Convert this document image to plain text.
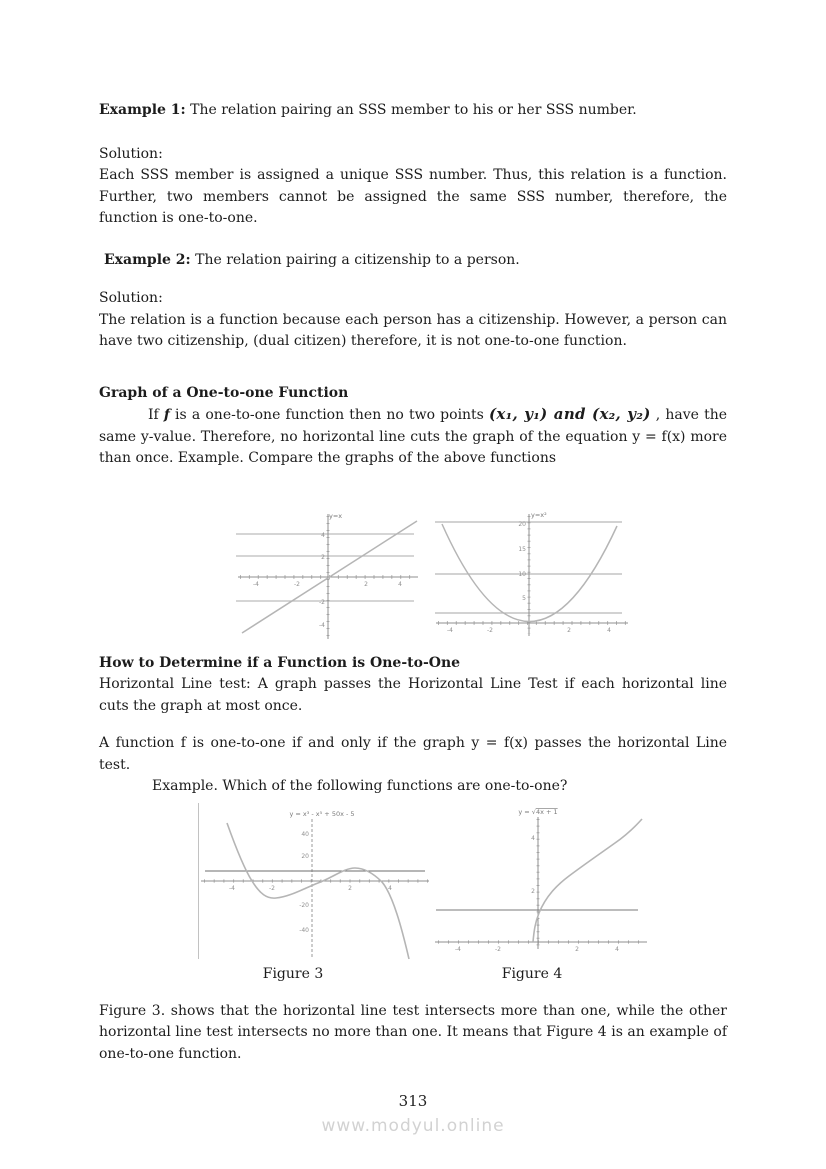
Example 1: The relation pairing an SSS member to his or her SSS number.

Solution:
Each SSS member is assigned a unique SSS number. Thus, this relation is a function. Further, two members cannot be assigned the same SSS number, therefore, the function is one-to-one.

Example 2: The relation pairing a citizenship to a person.

Solution:
The relation is a function because each person has a citizenship. However, a person can have two citizenship, (dual citizen) therefore, it is not one-to-one function.
Graph of a One-to-one Function

If f is a one-to-one function then no two points (x₁, y₁) and (x₂, y₂) , have the same y-value. Therefore, no horizontal line cuts the graph of the equation y = f(x) more than once. Example. Compare the graphs of the above functions

y=x
-4	-2	2	4
4
2
-2
-4
y=x²
-4	-2	2	4
20
15
10
5
How to Determine if a Function is One-to-One

Horizontal Line test: A graph passes the Horizontal Line Test if each horizontal line cuts the graph at most once.

A function f is one-to-one if and only if the graph y = f(x) passes the horizontal Line test.

Example. Which of the following functions are one-to-one?

y = x³ - x⁵ + 50x - 5
-4	-2	2	4
40
20
-20
-40
y = √4x + 1
-4	-2	2	4
4
2
Figure 3	Figure 4

Figure 3. shows that the horizontal line test intersects more than one, while the other horizontal line test intersects no more than one. It means that Figure 4 is an example of one-to-one function.

313
www.modyul.online
